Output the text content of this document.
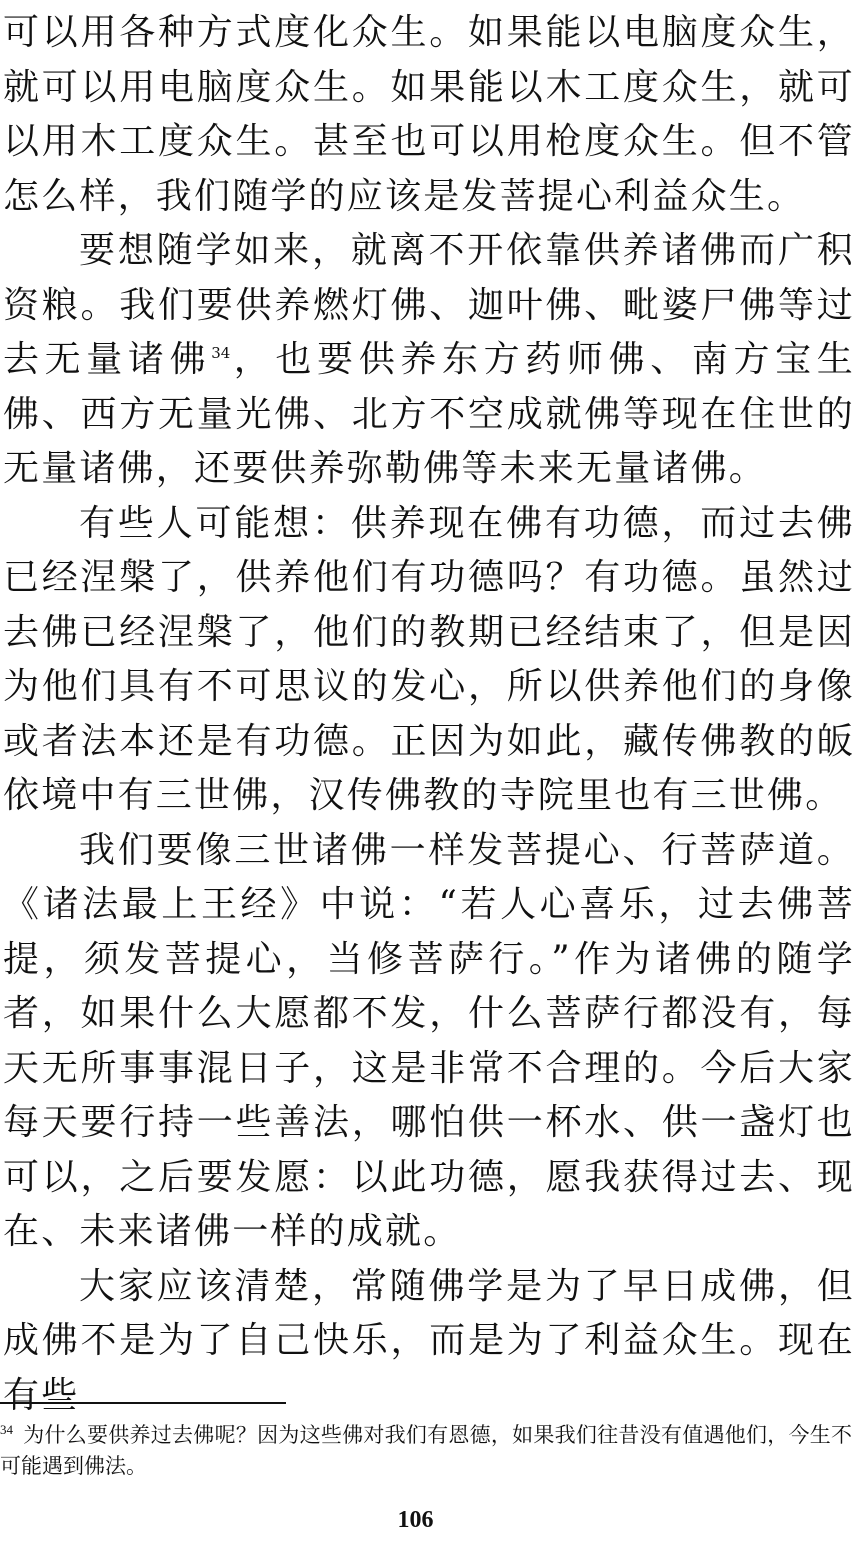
可以用各种方式度化众生。如果能以电脑度众生，就可以用电脑度众生。如果能以木工度众生，就可以用木工度众生。甚至也可以用枪度众生。但不管怎么样，我们随学的应该是发菩提心利益众生。

要想随学如来，就离不开依靠供养诸佛而广积资粮。我们要供养燃灯佛、迦叶佛、毗婆尸佛等过去无量诸佛$^{34}$，也要供养东方药师佛、南方宝生佛、西方无量光佛、北方不空成就佛等现在住世的无量诸佛，还要供养弥勒佛等未来无量诸佛。

有些人可能想：供养现在佛有功德，而过去佛已经涅槃了，供养他们有功德吗？有功德。虽然过去佛已经涅槃了，他们的教期已经结束了，但是因为他们具有不可思议的发心，所以供养他们的身像或者法本还是有功德。正因为如此，藏传佛教的皈依境中有三世佛，汉传佛教的寺院里也有三世佛。

我们要像三世诸佛一样发菩提心、行菩萨道。《诸法最上王经》中说：“若人心喜乐，过去佛菩提，须发菩提心，当修菩萨行。”作为诸佛的随学者，如果什么大愿都不发，什么菩萨行都没有，每天无所事事混日子，这是非常不合理的。今后大家每天要行持一些善法，哪怕供一杯水、供一盏灯也可以，之后要发愿：以此功德，愿我获得过去、现在、未来诸佛一样的成就。

大家应该清楚，常随佛学是为了早日成佛，但成佛不是为了自己快乐，而是为了利益众生。现在有些

$^{34}$ 为什么要供养过去佛呢？因为这些佛对我们有恩德，如果我们往昔没有值遇他们，今生不可能遇到佛法。

106
